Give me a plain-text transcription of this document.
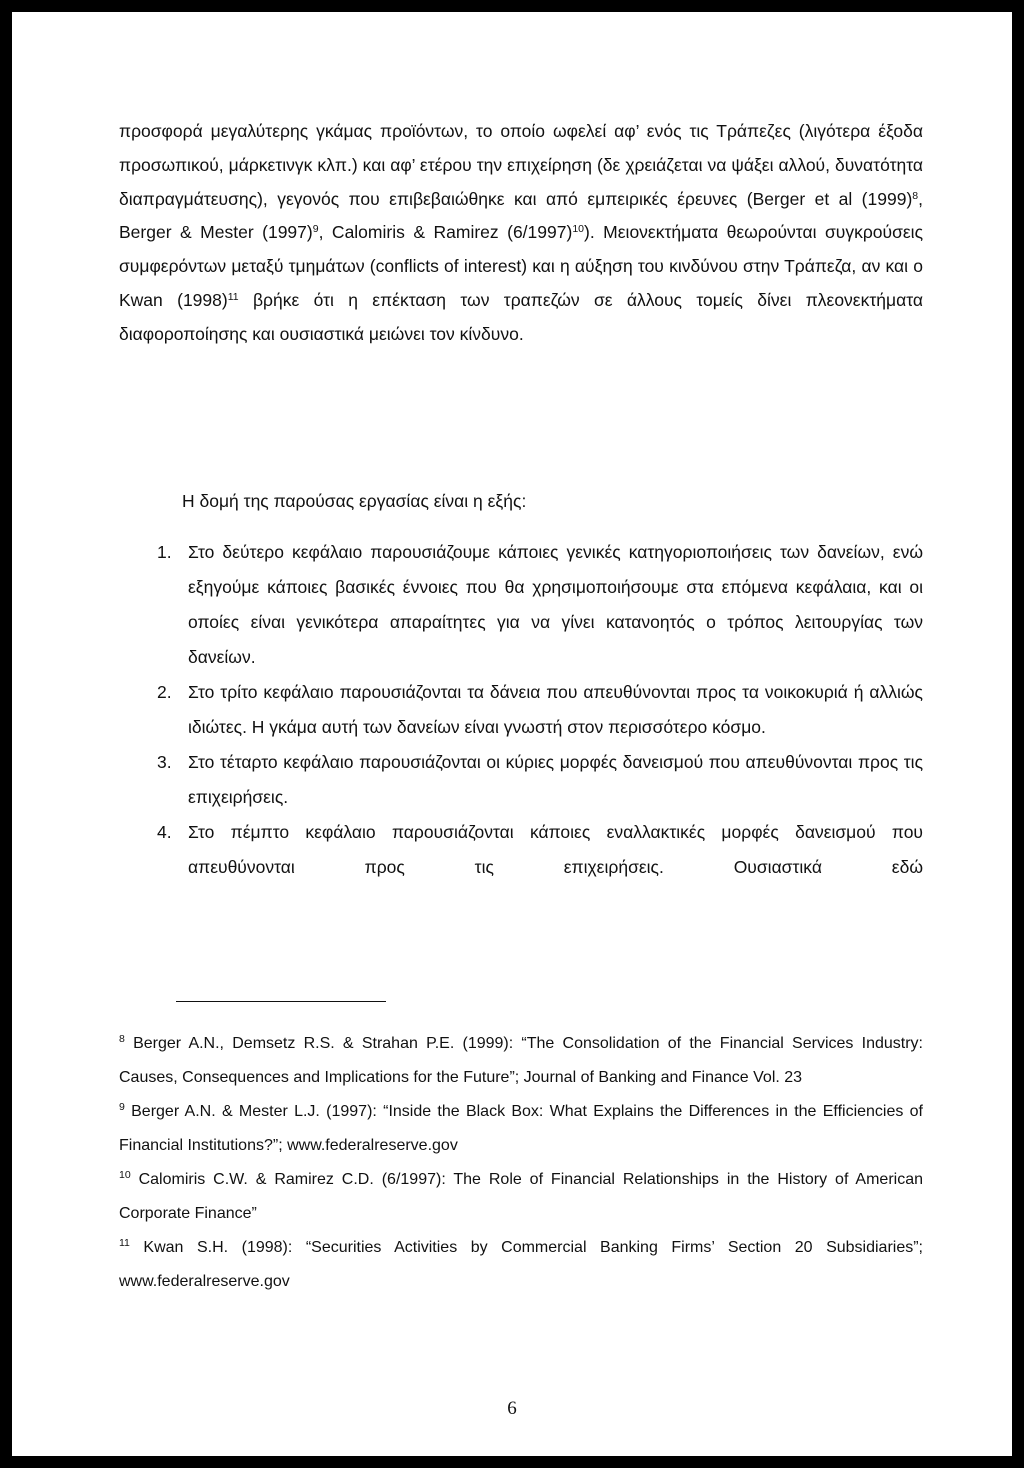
προσφορά μεγαλύτερης γκάμας προϊόντων, το οποίο ωφελεί αφ’ ενός τις Τράπεζες (λιγότερα έξοδα προσωπικού, μάρκετινγκ κλπ.) και αφ’ ετέρου την επιχείρηση (δε χρειάζεται να ψάξει αλλού, δυνατότητα διαπραγμάτευσης), γεγονός που επιβεβαιώθηκε και από εμπειρικές έρευνες (Berger et al $(1999)^8$, Berger & Mester $(1997)^9$, Calomiris & Ramirez $(6/1997)^{10}$). Μειονεκτήματα θεωρούνται συγκρούσεις συμφερόντων μεταξύ τμημάτων (conflicts of interest) και η αύξηση του κινδύνου στην Τράπεζα, αν και ο Kwan $(1998)^{11}$ βρήκε ότι η επέκταση των τραπεζών σε άλλους τομείς δίνει πλεονεκτήματα διαφοροποίησης και ουσιαστικά μειώνει τον κίνδυνο.

Η δομή της παρούσας εργασίας είναι η εξής:

1. Στο δεύτερο κεφάλαιο παρουσιάζουμε κάποιες γενικές κατηγοριοποιήσεις των δανείων, ενώ εξηγούμε κάποιες βασικές έννοιες που θα χρησιμοποιήσουμε στα επόμενα κεφάλαια, και οι οποίες είναι γενικότερα απαραίτητες για να γίνει κατανοητός ο τρόπος λειτουργίας των δανείων.

2. Στο τρίτο κεφάλαιο παρουσιάζονται τα δάνεια που απευθύνονται προς τα νοικοκυριά ή αλλιώς ιδιώτες. Η γκάμα αυτή των δανείων είναι γνωστή στον περισσότερο κόσμο.

3. Στο τέταρτο κεφάλαιο παρουσιάζονται οι κύριες μορφές δανεισμού που απευθύνονται προς τις επιχειρήσεις.

4. Στο πέμπτο κεφάλαιο παρουσιάζονται κάποιες εναλλακτικές μορφές δανεισμού που απευθύνονται προς τις επιχειρήσεις. Ουσιαστικά εδώ

$^8$ Berger A.N., Demsetz R.S. & Strahan P.E. (1999): “The Consolidation of the Financial Services Industry: Causes, Consequences and Implications for the Future”; Journal of Banking and Finance Vol. 23

$^9$ Berger A.N. & Mester L.J. (1997): “Inside the Black Box: What Explains the Differences in the Efficiencies of Financial Institutions?”; www.federalreserve.gov

$^{10}$ Calomiris C.W. & Ramirez C.D. (6/1997): The Role of Financial Relationships in the History of American Corporate Finance”

$^{11}$ Kwan S.H. (1998): “Securities Activities by Commercial Banking Firms’ Section 20 Subsidiaries”; www.federalreserve.gov

6
